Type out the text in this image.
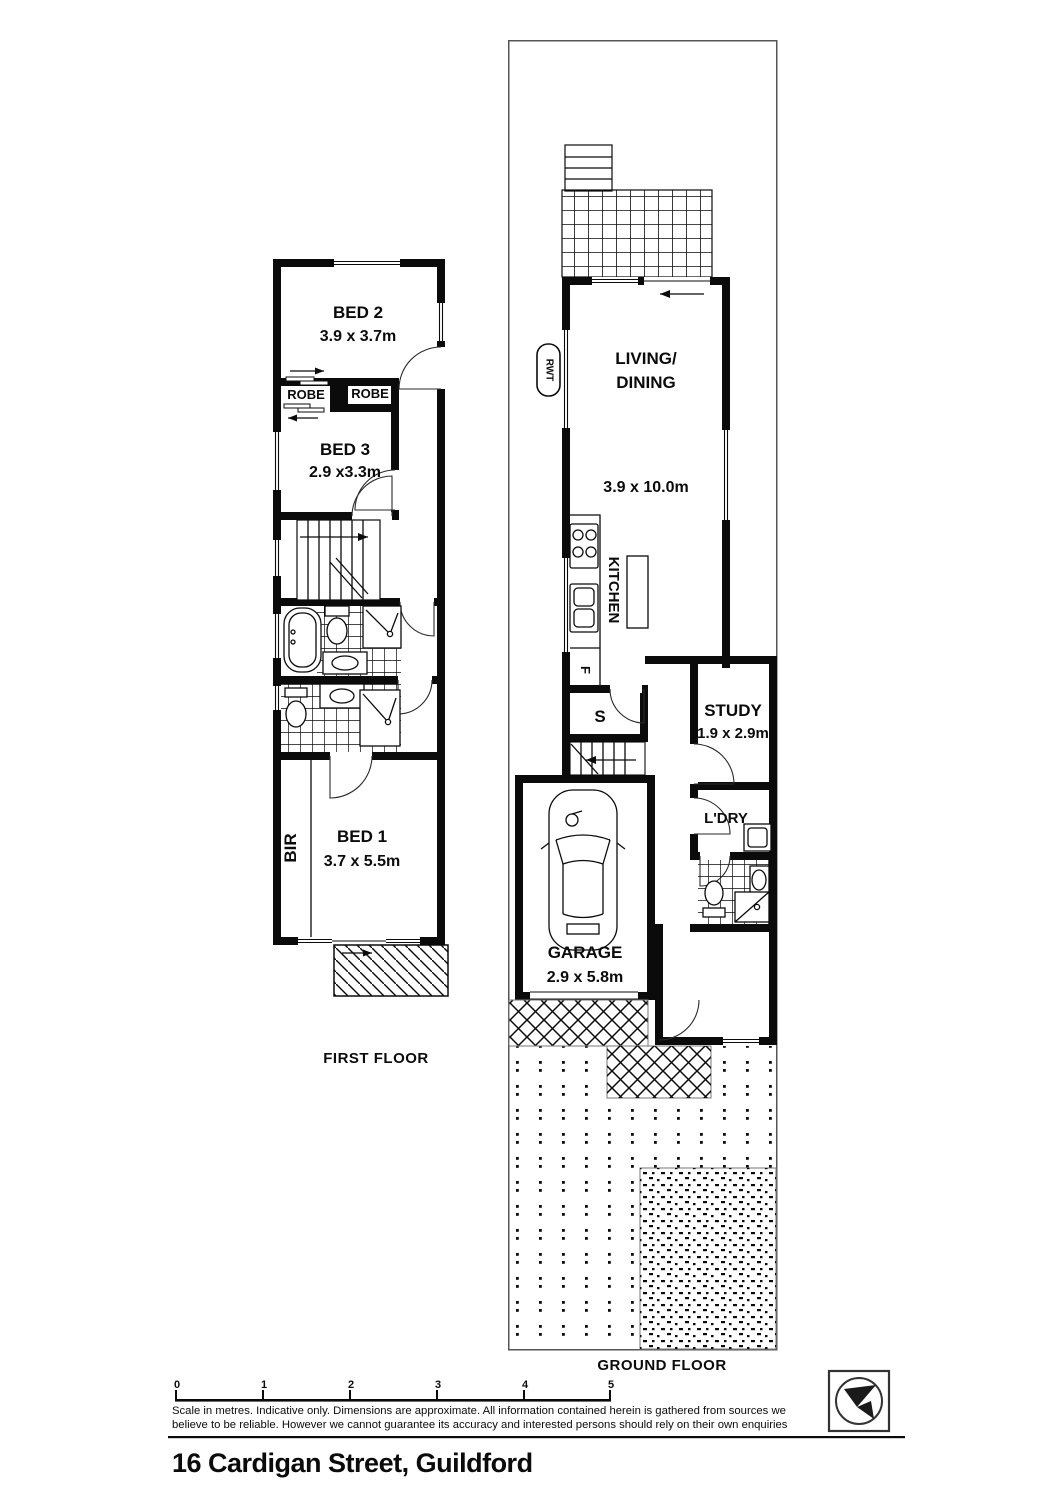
BED 2
3.9 x 3.7m
ROBE ROBE
BED 3
2.9 x3.3m
BED 1
3.7 x 5.5m
BIR
FIRST FLOOR
RWT
KITCHEN
F
S	STUDY
1.9 x 2.9m
L'DRY
GARAGE
2.9 x 5.8m
LIVING/
DINING
3.9 x 10.0m
GROUND FLOOR
0	1	2	3	4	5
Scale in metres. Indicative only. Dimensions are approximate. All information contained herein is gathered from sources we
believe to be reliable. However we cannot guarantee its accuracy and interested persons should rely on their own enquiries
16 Cardigan Street, Guildford
